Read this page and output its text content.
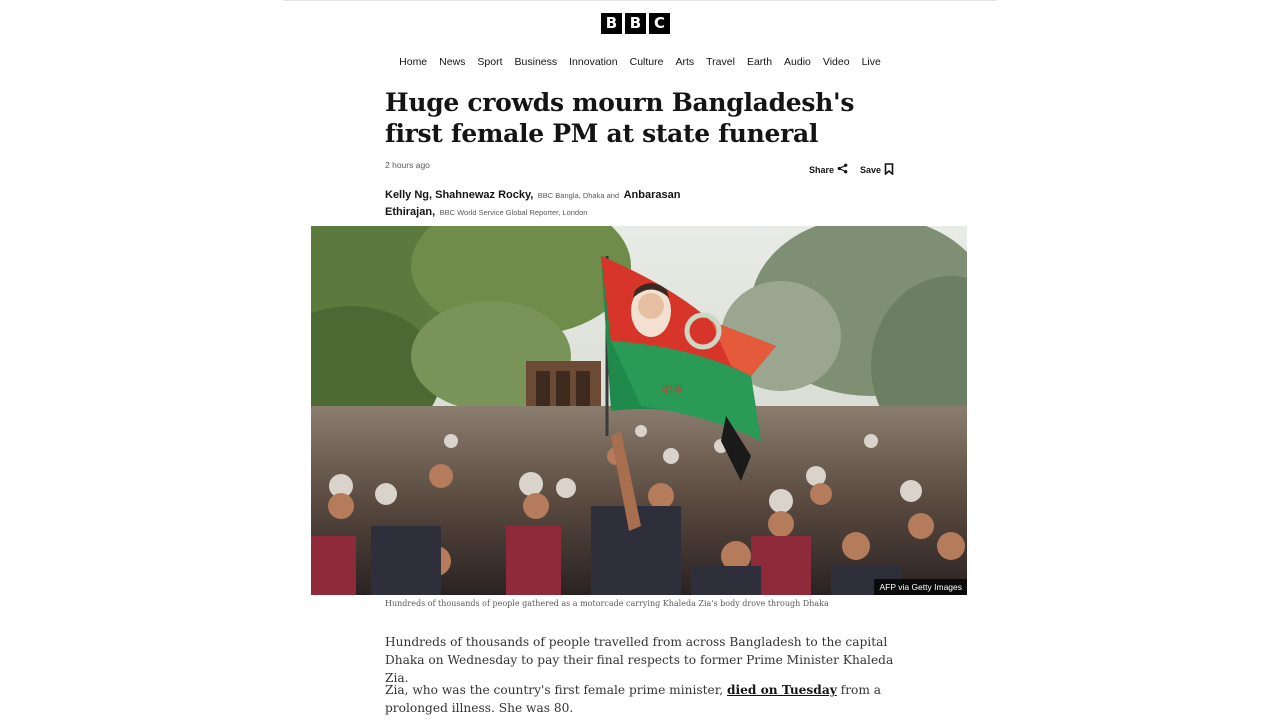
B B C
Home	News	Sport	Business	Innovation	Culture	Arts	Travel	Earth	Audio	Video	Live
Huge crowds mourn Bangladesh's first female PM at state funeral
2 hours ago	Share	Save
Kelly Ng, Shahnewaz Rocky, BBC Bangla, Dhaka and Anbarasan Ethirajan, BBC World Service Global Reporter, London
ব্যক
AFP via Getty Images
Hundreds of thousands of people gathered as a motorcade carrying Khaleda Zia's body drove through Dhaka

Hundreds of thousands of people travelled from across Bangladesh to the capital Dhaka on Wednesday to pay their final respects to former Prime Minister Khaleda Zia.

Zia, who was the country's first female prime minister, died on Tuesday from a prolonged illness. She was 80.
